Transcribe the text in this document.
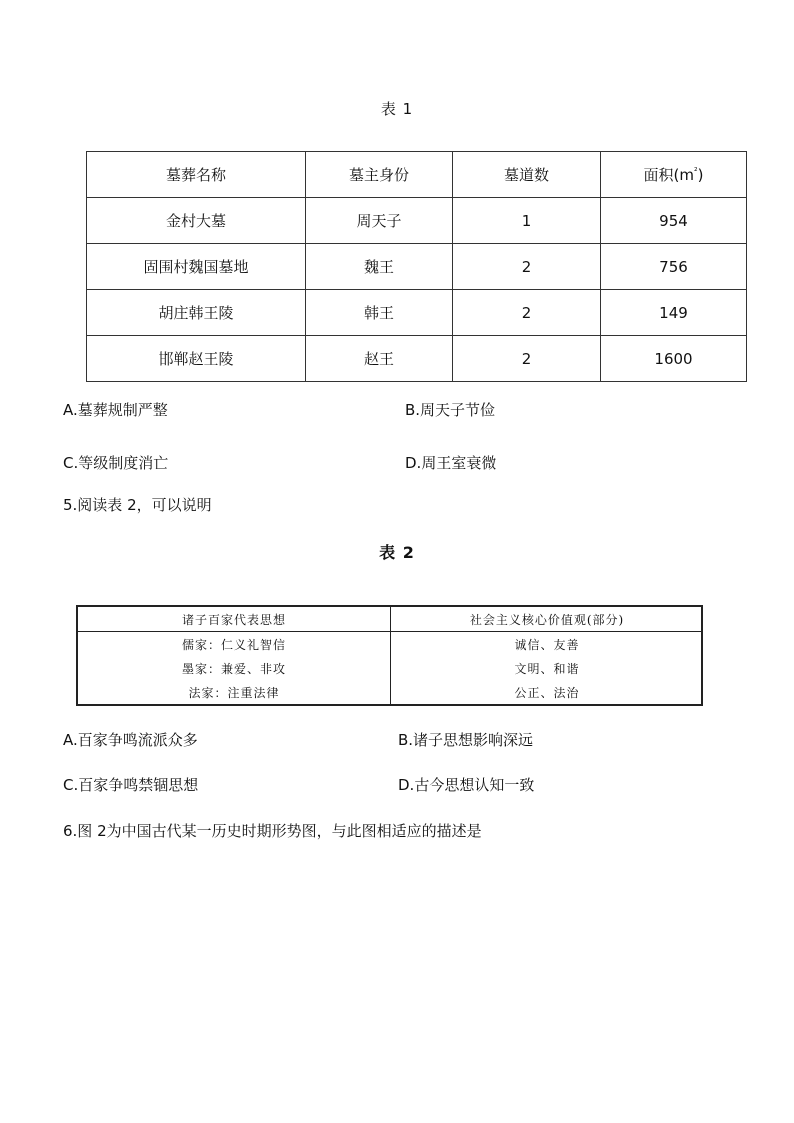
表 1
墓葬名称	墓主身份	墓道数	面积$(m^{^2})$
金村大墓	周天子	1	954
固围村魏国墓地	魏王	2	756
胡庄韩王陵	韩王	2	149
邯郸赵王陵	赵王	2	1600
A.墓葬规制严整	B.周天子节俭
C.等级制度消亡	D.周王室衰微
5.阅读表 2，可以说明
表 2
诸子百家代表思想	社会主义核心价值观(部分)
儒家：仁义礼智信	诚信、友善
墨家：兼爱、非攻	文明、和谐
法家：注重法律	公正、法治
A.百家争鸣流派众多	B.诸子思想影响深远
C.百家争鸣禁锢思想	D.古今思想认知一致
6.图 2为中国古代某一历史时期形势图，与此图相适应的描述是
